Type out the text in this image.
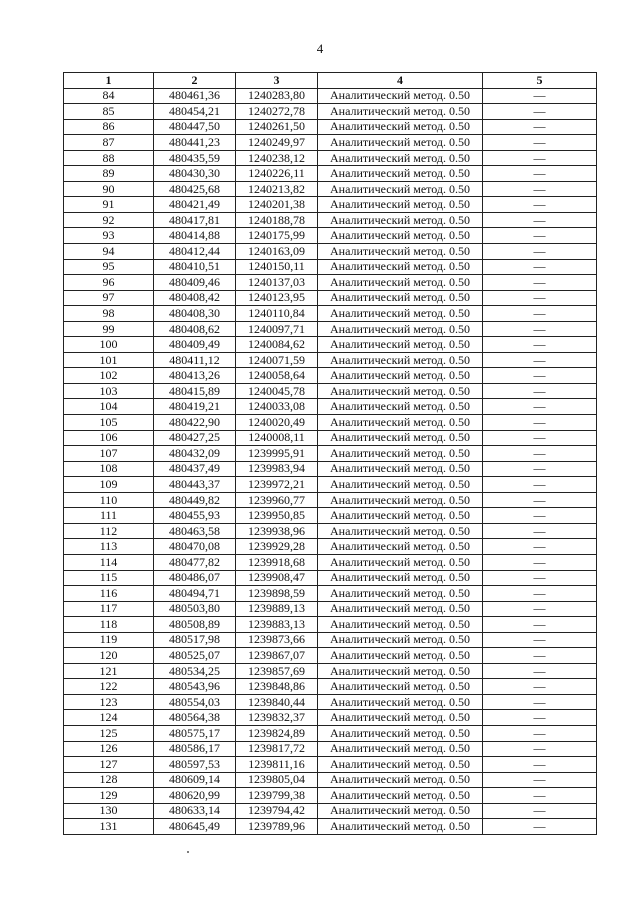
4
1	2	3	4	5
84	480461,36	1240283,80	Аналитический метод. 0.50	—
85	480454,21	1240272,78	Аналитический метод. 0.50	—
86	480447,50	1240261,50	Аналитический метод. 0.50	—
87	480441,23	1240249,97	Аналитический метод. 0.50	—
88	480435,59	1240238,12	Аналитический метод. 0.50	—
89	480430,30	1240226,11	Аналитический метод. 0.50	—
90	480425,68	1240213,82	Аналитический метод. 0.50	—
91	480421,49	1240201,38	Аналитический метод. 0.50	—
92	480417,81	1240188,78	Аналитический метод. 0.50	—
93	480414,88	1240175,99	Аналитический метод. 0.50	—
94	480412,44	1240163,09	Аналитический метод. 0.50	—
95	480410,51	1240150,11	Аналитический метод. 0.50	—
96	480409,46	1240137,03	Аналитический метод. 0.50	—
97	480408,42	1240123,95	Аналитический метод. 0.50	—
98	480408,30	1240110,84	Аналитический метод. 0.50	—
99	480408,62	1240097,71	Аналитический метод. 0.50	—
100	480409,49	1240084,62	Аналитический метод. 0.50	—
101	480411,12	1240071,59	Аналитический метод. 0.50	—
102	480413,26	1240058,64	Аналитический метод. 0.50	—
103	480415,89	1240045,78	Аналитический метод. 0.50	—
104	480419,21	1240033,08	Аналитический метод. 0.50	—
105	480422,90	1240020,49	Аналитический метод. 0.50	—
106	480427,25	1240008,11	Аналитический метод. 0.50	—
107	480432,09	1239995,91	Аналитический метод. 0.50	—
108	480437,49	1239983,94	Аналитический метод. 0.50	—
109	480443,37	1239972,21	Аналитический метод. 0.50	—
110	480449,82	1239960,77	Аналитический метод. 0.50	—
111	480455,93	1239950,85	Аналитический метод. 0.50	—
112	480463,58	1239938,96	Аналитический метод. 0.50	—
113	480470,08	1239929,28	Аналитический метод. 0.50	—
114	480477,82	1239918,68	Аналитический метод. 0.50	—
115	480486,07	1239908,47	Аналитический метод. 0.50	—
116	480494,71	1239898,59	Аналитический метод. 0.50	—
117	480503,80	1239889,13	Аналитический метод. 0.50	—
118	480508,89	1239883,13	Аналитический метод. 0.50	—
119	480517,98	1239873,66	Аналитический метод. 0.50	—
120	480525,07	1239867,07	Аналитический метод. 0.50	—
121	480534,25	1239857,69	Аналитический метод. 0.50	—
122	480543,96	1239848,86	Аналитический метод. 0.50	—
123	480554,03	1239840,44	Аналитический метод. 0.50	—
124	480564,38	1239832,37	Аналитический метод. 0.50	—
125	480575,17	1239824,89	Аналитический метод. 0.50	—
126	480586,17	1239817,72	Аналитический метод. 0.50	—
127	480597,53	1239811,16	Аналитический метод. 0.50	—
128	480609,14	1239805,04	Аналитический метод. 0.50	—
129	480620,99	1239799,38	Аналитический метод. 0.50	—
130	480633,14	1239794,42	Аналитический метод. 0.50	—
131	480645,49	1239789,96	Аналитический метод. 0.50	—
